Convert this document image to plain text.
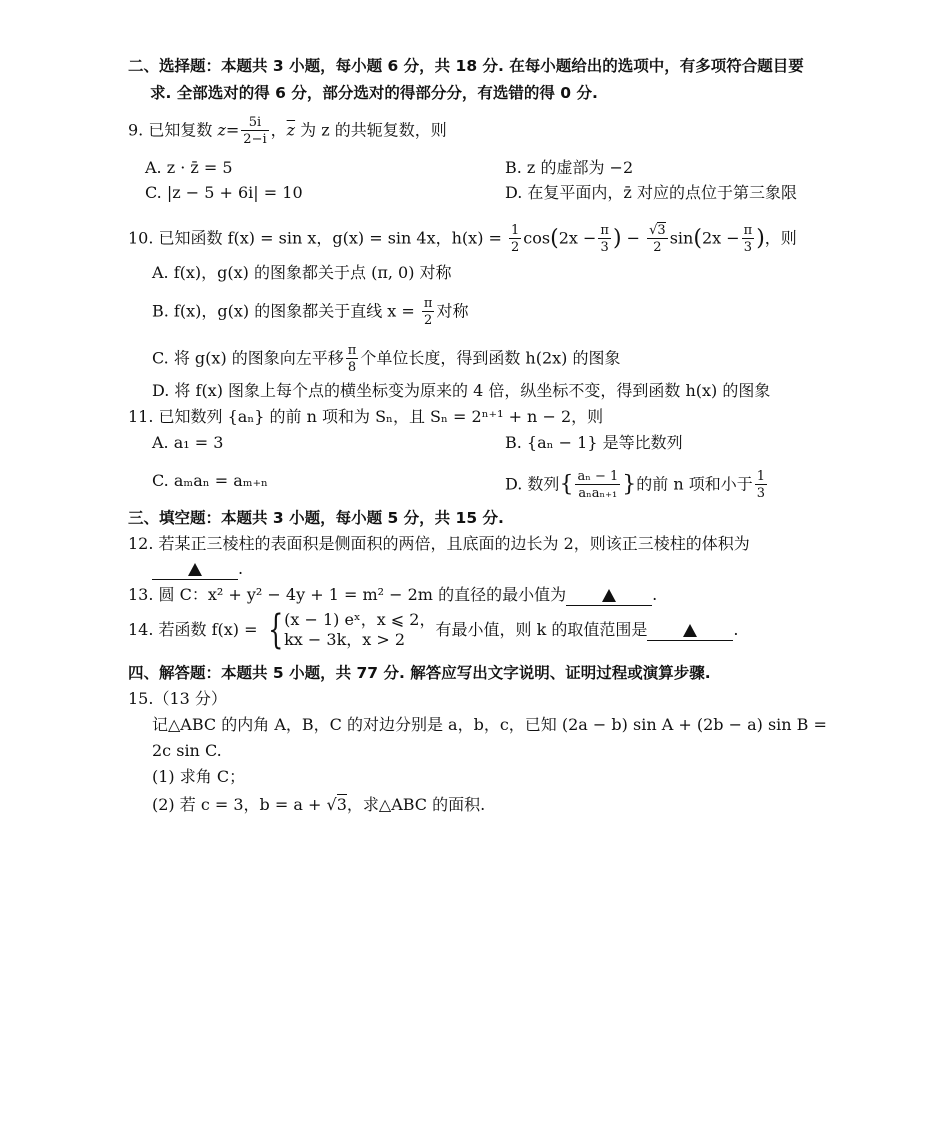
二、选择题：本题共 3 小题，每小题 6 分，共 18 分. 在每小题给出的选项中，有多项符合题目要
求. 全部选对的得 6 分，部分选对的得部分分，有选错的得 0 分.
9. 已知复数 $z= \frac{5i}{2-i}$ ，$\overline{z}$ 为 z 的共轭复数，则
A. z · z̄ = 5	B. z 的虚部为 −2
C. |z − 5 + 6i| = 10	D. 在复平面内，z̄ 对应的点位于第三象限
10. 已知函数 f(x) = sin x，g(x) = sin 4x，$h(x) = \frac{1}{2} \cos(2x - \frac{\pi}{3}$ ) − $\frac{√3}{2} \sin(2x - \frac{\pi}{3}$ )，则
A. f(x)，g(x) 的图象都关于点 (π, 0) 对称
B. f(x)，g(x) 的图象都关于直线 $x = \frac{\pi}{2}$ 对称
C. 将 g(x) 的图象向左平移 $\frac{\pi}{8}$ 个单位长度，得到函数 h(2x) 的图象
D. 将 f(x) 图象上每个点的横坐标变为原来的 4 倍，纵坐标不变，得到函数 h(x) 的图象
11. 已知数列 {aₙ} 的前 n 项和为 Sₙ，且 Sₙ = 2ⁿ⁺¹ + n − 2，则
A. a₁ = 3	B. {aₙ − 1} 是等比数列
C. aₘaₙ = aₘ₊ₙ	D. 数列{ $\frac{\text{aₙ − 1}}{\text{aₙaₙ₊₁}}$ }的前 n 项和小于 $\frac{1}{3}$
三、填空题：本题共 3 小题，每小题 5 分，共 15 分.
12. 若某正三棱柱的表面积是侧面积的两倍，且底面的边长为 2，则该正三棱柱的体积为
.
13. 圆 C：x² + y² − 4y + 1 = m² − 2m 的直径的最小值为	.
14. 若函数 f(x) = { (x − 1) eˣ，x ⩽ 2，
kx − 3k，x > 2
有最小值，则 k 的取值范围是	.
四、解答题：本题共 5 小题，共 77 分. 解答应写出文字说明、证明过程或演算步骤.
15.（13 分）
记△ABC 的内角 A，B，C 的对边分别是 a，b，c，已知 (2a − b) sin A + (2b − a) sin B =
2c sin C.
(1) 求角 C；
(2) 若 c = 3，b = a + √3，求△ABC 的面积.
